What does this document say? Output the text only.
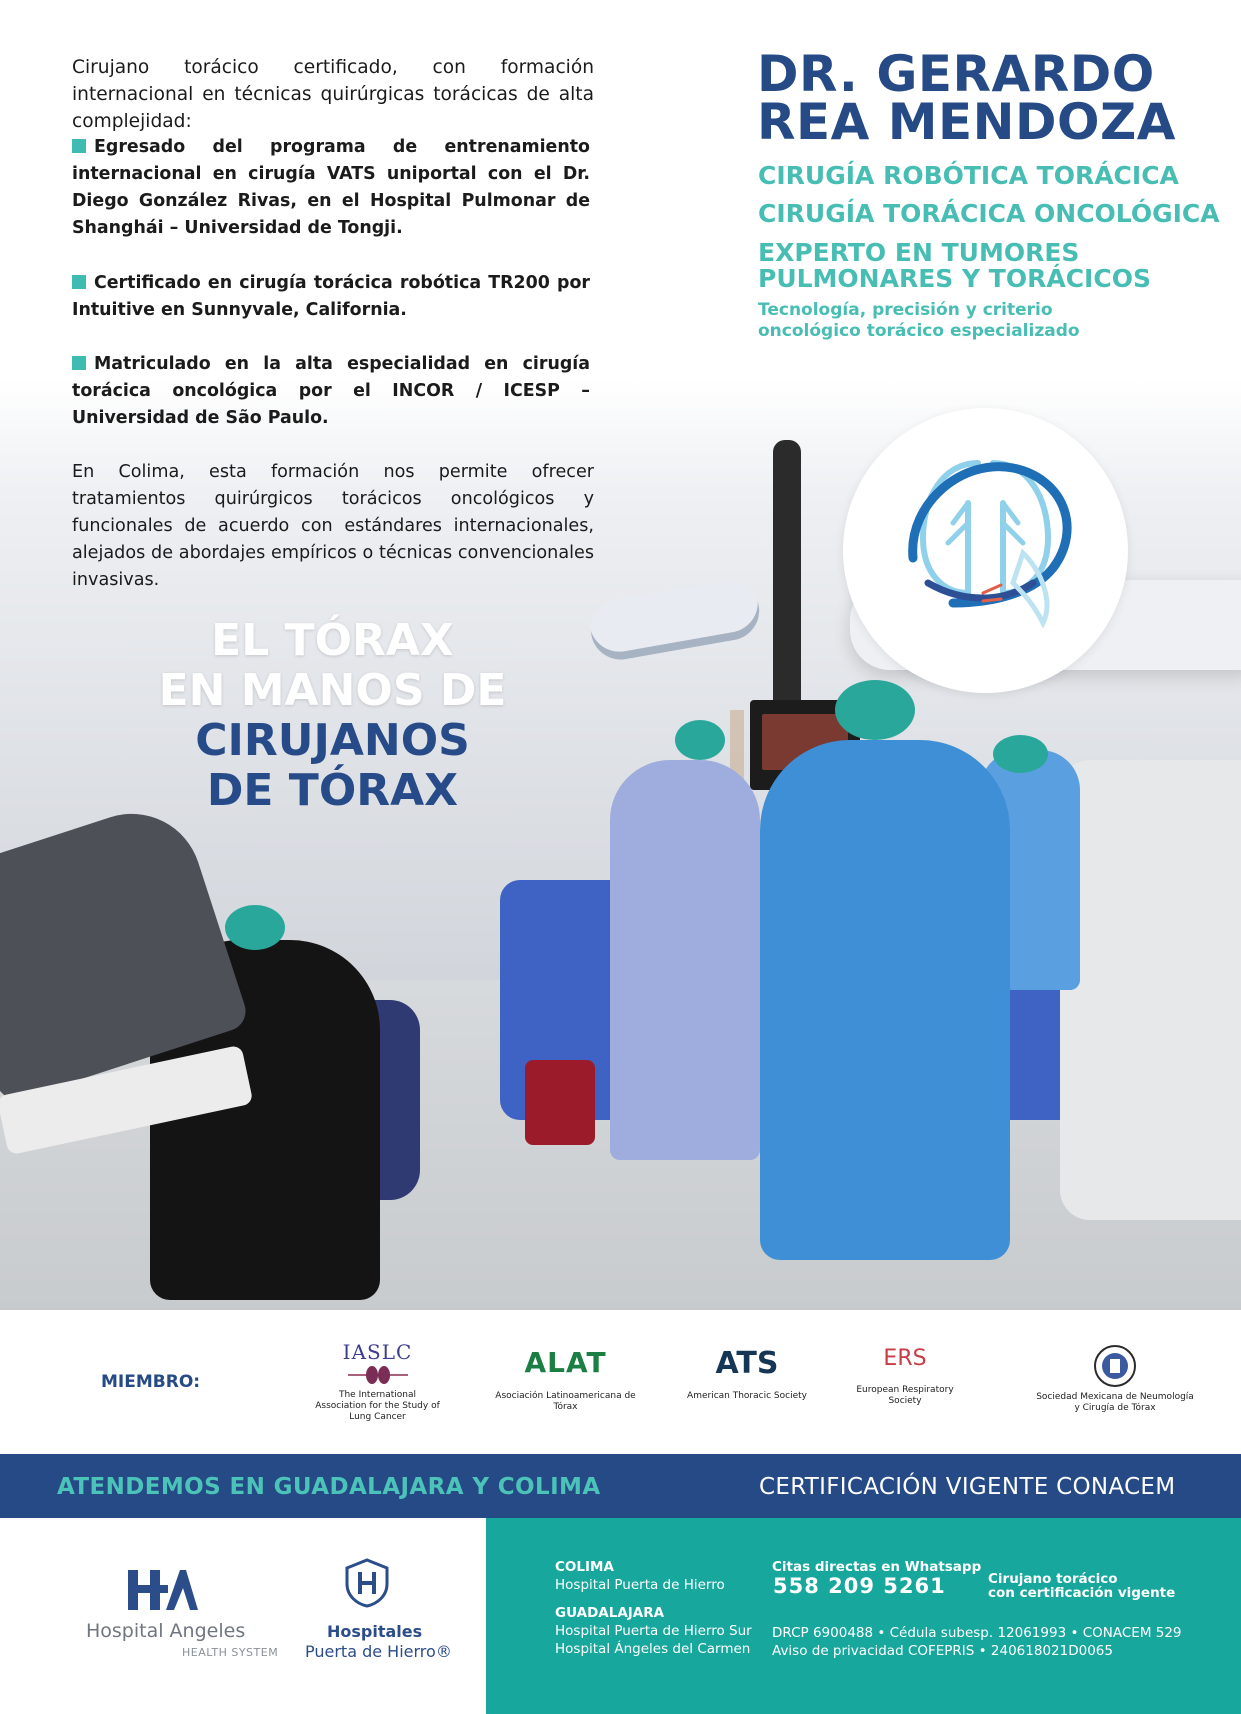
Cirujano torácico certificado, con formación internacional en técnicas quirúrgicas torácicas de alta complejidad:

Egresado del programa de entrenamiento internacional en cirugía VATS uniportal con el Dr. Diego González Rivas, en el Hospital Pulmonar de Shanghái – Universidad de Tongji.

Certificado en cirugía torácica robótica TR200 por Intuitive en Sunnyvale, California.

Matriculado en la alta especialidad en cirugía torácica oncológica por el INCOR / ICESP – Universidad de São Paulo.

En Colima, esta formación nos permite ofrecer tratamientos quirúrgicos torácicos oncológicos y funcionales de acuerdo con estándares internacionales, alejados de abordajes empíricos o técnicas convencionales invasivas.

DR. GERARDO
REA MENDOZA
CIRUGÍA ROBÓTICA TORÁCICA
CIRUGÍA TORÁCICA ONCOLÓGICA
EXPERTO EN TUMORES
PULMONARES Y TORÁCICOS
Tecnología, precisión y criterio
oncológico torácico especializado
EL TÓRAX
EN MANOS DE
CIRUJANOS
DE TÓRAX
MIEMBRO:
IASLC
The International Association for the Study of Lung Cancer
ALAT
Asociación Latinoamericana de Tórax
ATS
American Thoracic Society
ERS
European Respiratory Society	Sociedad Mexicana de Neumología y Cirugía de Tórax
ATENDEMOS EN GUADALAJARA Y COLIMA	CERTIFICACIÓN VIGENTE CONACEM
Hospital Angeles
HEALTH SYSTEM
Hospitales
Puerta de Hierro®
COLIMA
Hospital Puerta de Hierro
GUADALAJARA
Hospital Puerta de Hierro Sur
Hospital Ángeles del Carmen
Citas directas en Whatsapp
558 209 5261	Cirujano torácico
con certificación vigente
DRCP 6900488 • Cédula subesp. 12061993 • CONACEM 529
Aviso de privacidad COFEPRIS • 240618021D0065
